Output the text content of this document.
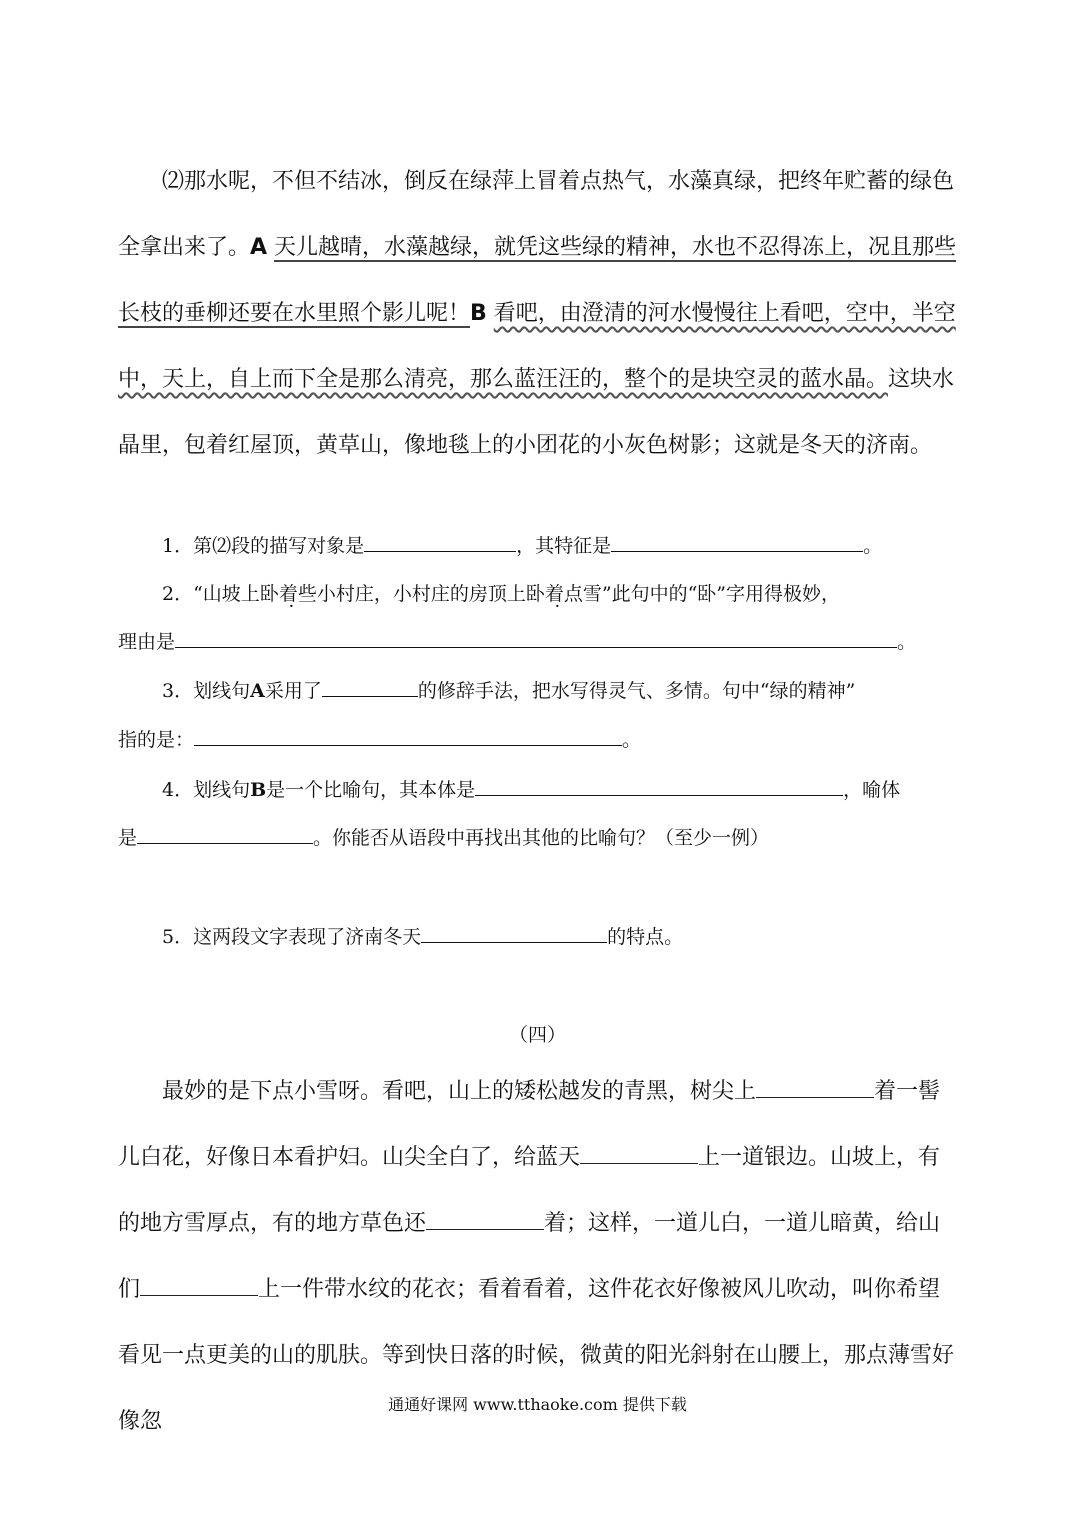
⑵那水呢，不但不结冰，倒反在绿萍上冒着点热气，水藻真绿，把终年贮蓄的绿色全拿出来了。A 天儿越晴，水藻越绿，就凭这些绿的精神，水也不忍得冻上，况且那些长枝的垂柳还要在水里照个影儿呢！B 看吧，由澄清的河水慢慢往上看吧，空中，半空中，天上，自上而下全是那么清亮，那么蓝汪汪的，整个的是块空灵的蓝水晶。这块水晶里，包着红屋顶，黄草山，像地毯上的小团花的小灰色树影；这就是冬天的济南。

1．第⑵段的描写对象是	，其特征是	。
2．“山坡上卧着些小村庄，小村庄的房顶上卧着点雪”此句中的“卧”字用得极妙，
理由是	。
3．划线句A采用了	的修辞手法，把水写得灵气、多情。句中“绿的精神”
指的是：	。
4．划线句B是一个比喻句，其本体是	，喻体
是	。你能否从语段中再找出其他的比喻句？（至少一例）
5．这两段文字表现了济南冬天	的特点。
（四）

最妙的是下点小雪呀。看吧，山上的矮松越发的青黑，树尖上	着一髻儿白花，好像日本看护妇。山尖全白了，给蓝天	上一道银边。山坡上，有的地方雪厚点，有的地方草色还	着；这样，一道儿白，一道儿暗黄，给山们	上一件带水纹的花衣；看着看着，这件花衣好像被风儿吹动，叫你希望看见一点更美的山的肌肤。等到快日落的时候，微黄的阳光斜射在山腰上，那点薄雪好像忽

通通好课网 www.tthaoke.com 提供下载
